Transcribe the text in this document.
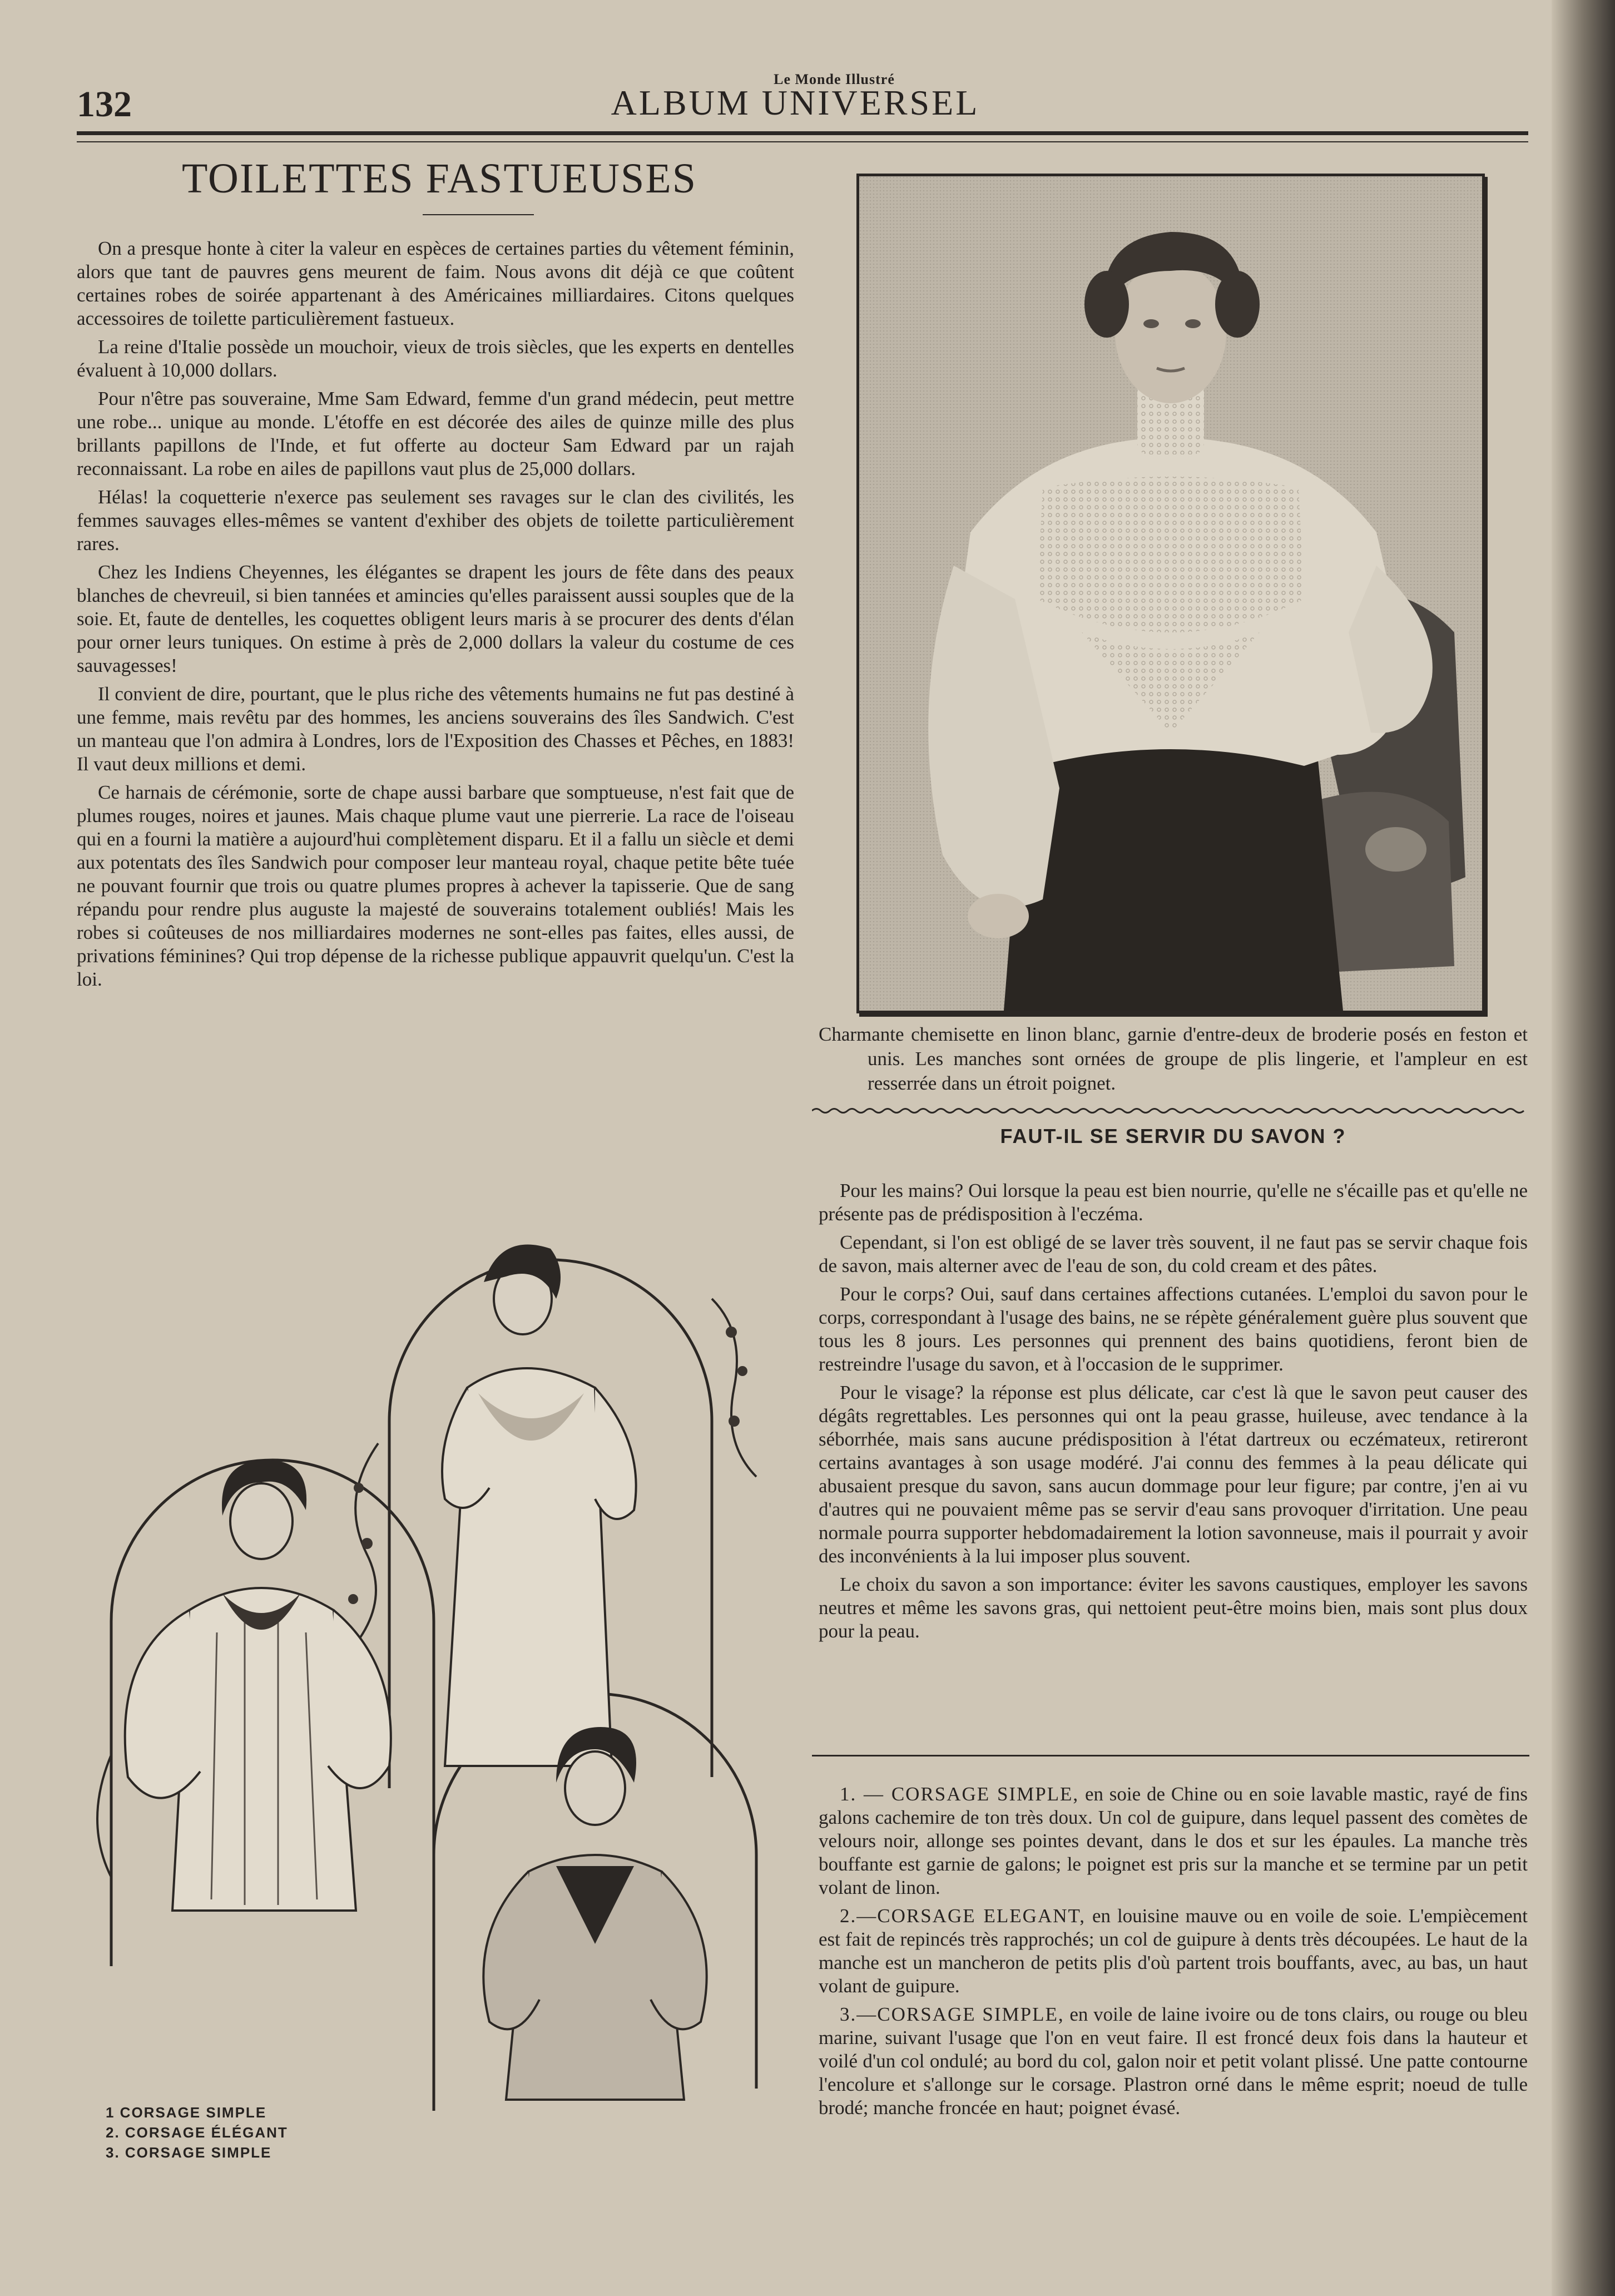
Le Monde Illustré
132	ALBUM UNIVERSEL
TOILETTES FASTUEUSES

On a presque honte à citer la valeur en espèces de certaines parties du vêtement féminin, alors que tant de pauvres gens meurent de faim. Nous avons dit déjà ce que coûtent certaines robes de soirée appartenant à des Américaines milliardaires. Citons quelques accessoires de toilette particulièrement fastueux.

La reine d'Italie possède un mouchoir, vieux de trois siècles, que les experts en dentelles évaluent à 10,000 dollars.

Pour n'être pas souveraine, Mme Sam Edward, femme d'un grand médecin, peut mettre une robe... unique au monde. L'étoffe en est décorée des ailes de quinze mille des plus brillants papillons de l'Inde, et fut offerte au docteur Sam Edward par un rajah reconnaissant. La robe en ailes de papillons vaut plus de 25,000 dollars.

Hélas! la coquetterie n'exerce pas seulement ses ravages sur le clan des civilités, les femmes sauvages elles-mêmes se vantent d'exhiber des objets de toilette particulièrement rares.

Chez les Indiens Cheyennes, les élégantes se drapent les jours de fête dans des peaux blanches de chevreuil, si bien tannées et amincies qu'elles paraissent aussi souples que de la soie. Et, faute de dentelles, les coquettes obligent leurs maris à se procurer des dents d'élan pour orner leurs tuniques. On estime à près de 2,000 dollars la valeur du costume de ces sauvagesses!

Il convient de dire, pourtant, que le plus riche des vêtements humains ne fut pas destiné à une femme, mais revêtu par des hommes, les anciens souverains des îles Sandwich. C'est un manteau que l'on admira à Londres, lors de l'Exposition des Chasses et Pêches, en 1883! Il vaut deux millions et demi.

Ce harnais de cérémonie, sorte de chape aussi barbare que somptueuse, n'est fait que de plumes rouges, noires et jaunes. Mais chaque plume vaut une pierrerie. La race de l'oiseau qui en a fourni la matière a aujourd'hui complètement disparu. Et il a fallu un siècle et demi aux potentats des îles Sandwich pour composer leur manteau royal, chaque petite bête tuée ne pouvant fournir que trois ou quatre plumes propres à achever la tapisserie. Que de sang répandu pour rendre plus auguste la majesté de souverains totalement oubliés! Mais les robes si coûteuses de nos milliardaires modernes ne sont-elles pas faites, elles aussi, de privations féminines? Qui trop dépense de la richesse publique appauvrit quelqu'un. C'est la loi.

Charmante chemisette en linon blanc, garnie d'entre-deux de broderie posés en feston et unis. Les manches sont ornées de groupe de plis lingerie, et l'ampleur en est resserrée dans un étroit poignet.

FAUT-IL SE SERVIR DU SAVON ?

Pour les mains? Oui lorsque la peau est bien nourrie, qu'elle ne s'écaille pas et qu'elle ne présente pas de prédisposition à l'eczéma.

Cependant, si l'on est obligé de se laver très souvent, il ne faut pas se servir chaque fois de savon, mais alterner avec de l'eau de son, du cold cream et des pâtes.

Pour le corps? Oui, sauf dans certaines affections cutanées. L'emploi du savon pour le corps, correspondant à l'usage des bains, ne se répète généralement guère plus souvent que tous les 8 jours. Les personnes qui prennent des bains quotidiens, feront bien de restreindre l'usage du savon, et à l'occasion de le supprimer.

Pour le visage? la réponse est plus délicate, car c'est là que le savon peut causer des dégâts regrettables. Les personnes qui ont la peau grasse, huileuse, avec tendance à la séborrhée, mais sans aucune prédisposition à l'état dartreux ou eczémateux, retireront certains avantages à son usage modéré. J'ai connu des femmes à la peau délicate qui abusaient presque du savon, sans aucun dommage pour leur figure; par contre, j'en ai vu d'autres qui ne pouvaient même pas se servir d'eau sans provoquer d'irritation. Une peau normale pourra supporter hebdomadairement la lotion savonneuse, mais il pourrait y avoir des inconvénients à la lui imposer plus souvent.

Le choix du savon a son importance: éviter les savons caustiques, employer les savons neutres et même les savons gras, qui nettoient peut-être moins bien, mais sont plus doux pour la peau.

1. — CORSAGE SIMPLE, en soie de Chine ou en soie lavable mastic, rayé de fins galons cachemire de ton très doux. Un col de guipure, dans lequel passent des comètes de velours noir, allonge ses pointes devant, dans le dos et sur les épaules. La manche très bouffante est garnie de galons; le poignet est pris sur la manche et se termine par un petit volant de linon.

2.—CORSAGE ELEGANT, en louisine mauve ou en voile de soie. L'empiècement est fait de repincés très rapprochés; un col de guipure à dents très découpées. Le haut de la manche est un mancheron de petits plis d'où partent trois bouffants, avec, au bas, un haut volant de guipure.

3.—CORSAGE SIMPLE, en voile de laine ivoire ou de tons clairs, ou rouge ou bleu marine, suivant l'usage que l'on en veut faire. Il est froncé deux fois dans la hauteur et voilé d'un col ondulé; au bord du col, galon noir et petit volant plissé. Une patte contourne l'encolure et s'allonge sur le corsage. Plastron orné dans le même esprit; noeud de tulle brodé; manche froncée en haut; poignet évasé.

1 CORSAGE SIMPLE
2. CORSAGE ÉLÉGANT
3. CORSAGE SIMPLE
